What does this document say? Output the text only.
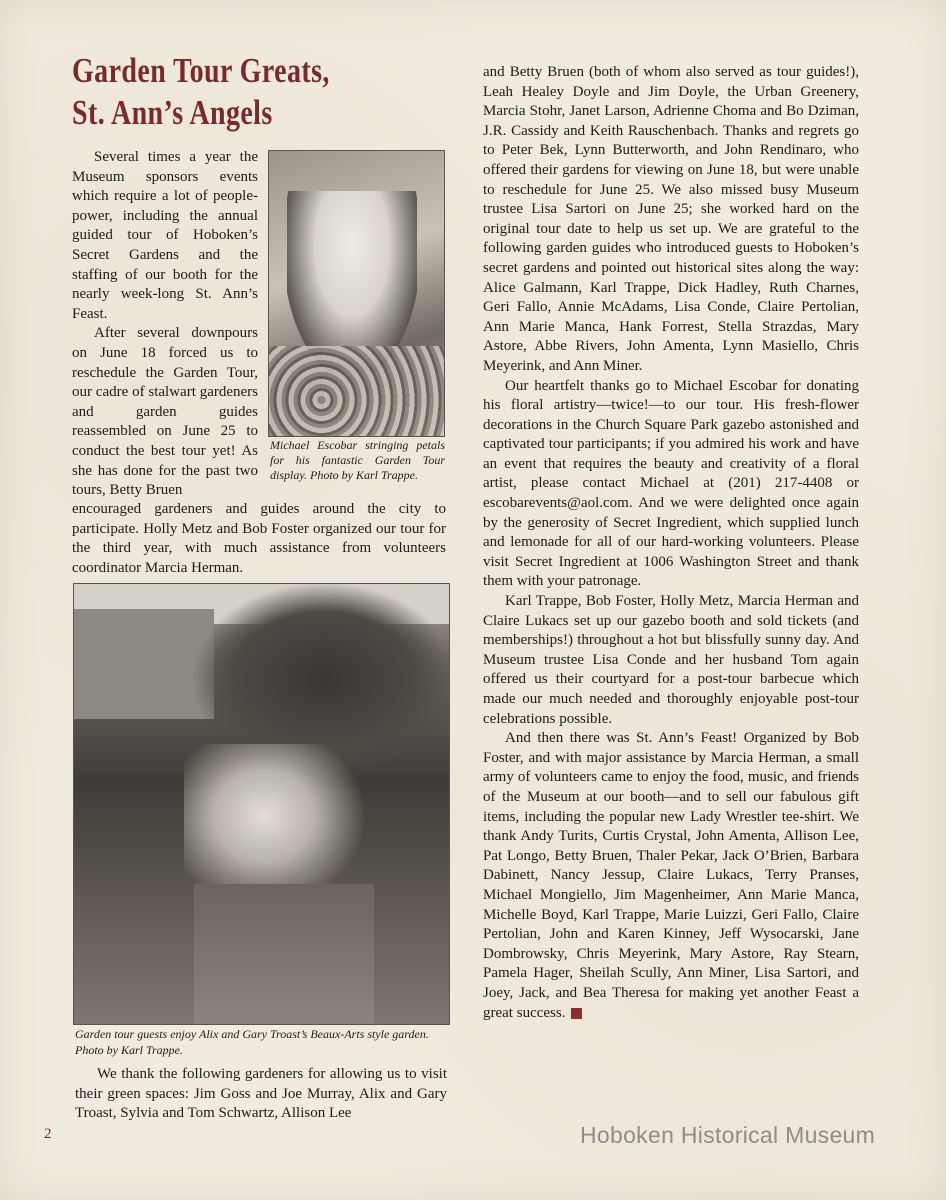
Garden Tour Greats,
St. Ann’s Angels

Several times a year the Museum sponsors events which require a lot of people-power, including the annual guided tour of Hoboken’s Secret Gardens and the staffing of our booth for the nearly week-long St. Ann’s Feast.

After several downpours on June 18 forced us to reschedule the Garden Tour, our cadre of stalwart gardeners and garden guides reassembled on June 25 to conduct the best tour yet! As she has done for the past two tours, Betty Bruen

Michael Escobar stringing petals for his fantastic Garden Tour display. Photo by Karl Trappe.

encouraged gardeners and guides around the city to participate. Holly Metz and Bob Foster organized our tour for the third year, with much assistance from volunteers coordinator Marcia Herman.

Garden tour guests enjoy Alix and Gary Troast’s Beaux-Arts style garden. Photo by Karl Trappe.

We thank the following gardeners for allowing us to visit their green spaces: Jim Goss and Joe Murray, Alix and Gary Troast, Sylvia and Tom Schwartz, Allison Lee

and Betty Bruen (both of whom also served as tour guides!), Leah Healey Doyle and Jim Doyle, the Urban Greenery, Marcia Stohr, Janet Larson, Adrienne Choma and Bo Dziman, J.R. Cassidy and Keith Rauschenbach. Thanks and regrets go to Peter Bek, Lynn Butterworth, and John Rendinaro, who offered their gardens for viewing on June 18, but were unable to reschedule for June 25. We also missed busy Museum trustee Lisa Sartori on June 25; she worked hard on the original tour date to help us set up. We are grateful to the following garden guides who introduced guests to Hoboken’s secret gardens and pointed out historical sites along the way: Alice Galmann, Karl Trappe, Dick Hadley, Ruth Charnes, Geri Fallo, Annie McAdams, Lisa Conde, Claire Pertolian, Ann Marie Manca, Hank Forrest, Stella Strazdas, Mary Astore, Abbe Rivers, John Amenta, Lynn Masiello, Chris Meyerink, and Ann Miner.

Our heartfelt thanks go to Michael Escobar for donating his floral artistry—twice!—to our tour. His fresh-flower decorations in the Church Square Park gazebo astonished and captivated tour participants; if you admired his work and have an event that requires the beauty and creativity of a floral artist, please contact Michael at (201) 217-4408 or escobarevents@aol.com. And we were delighted once again by the generosity of Secret Ingredient, which supplied lunch and lemonade for all of our hard-working volunteers. Please visit Secret Ingredient at 1006 Washington Street and thank them with your patronage.

Karl Trappe, Bob Foster, Holly Metz, Marcia Herman and Claire Lukacs set up our gazebo booth and sold tickets (and memberships!) throughout a hot but blissfully sunny day. And Museum trustee Lisa Conde and her husband Tom again offered us their courtyard for a post-tour barbecue which made our much needed and thoroughly enjoyable post-tour celebrations possible.

And then there was St. Ann’s Feast! Organized by Bob Foster, and with major assistance by Marcia Herman, a small army of volunteers came to enjoy the food, music, and friends of the Museum at our booth—and to sell our fabulous gift items, including the popular new Lady Wrestler tee-shirt. We thank Andy Turits, Curtis Crystal, John Amenta, Allison Lee, Pat Longo, Betty Bruen, Thaler Pekar, Jack O’Brien, Barbara Dabinett, Nancy Jessup, Claire Lukacs, Terry Pranses, Michael Mongiello, Jim Magenheimer, Ann Marie Manca, Michelle Boyd, Karl Trappe, Marie Luizzi, Geri Fallo, Claire Pertolian, John and Karen Kinney, Jeff Wysocarski, Jane Dombrowsky, Chris Meyerink, Mary Astore, Ray Stearn, Pamela Hager, Sheilah Scully, Ann Miner, Lisa Sartori, and Joey, Jack, and Bea Theresa for making yet another Feast a great success.

2	Hoboken Historical Museum
